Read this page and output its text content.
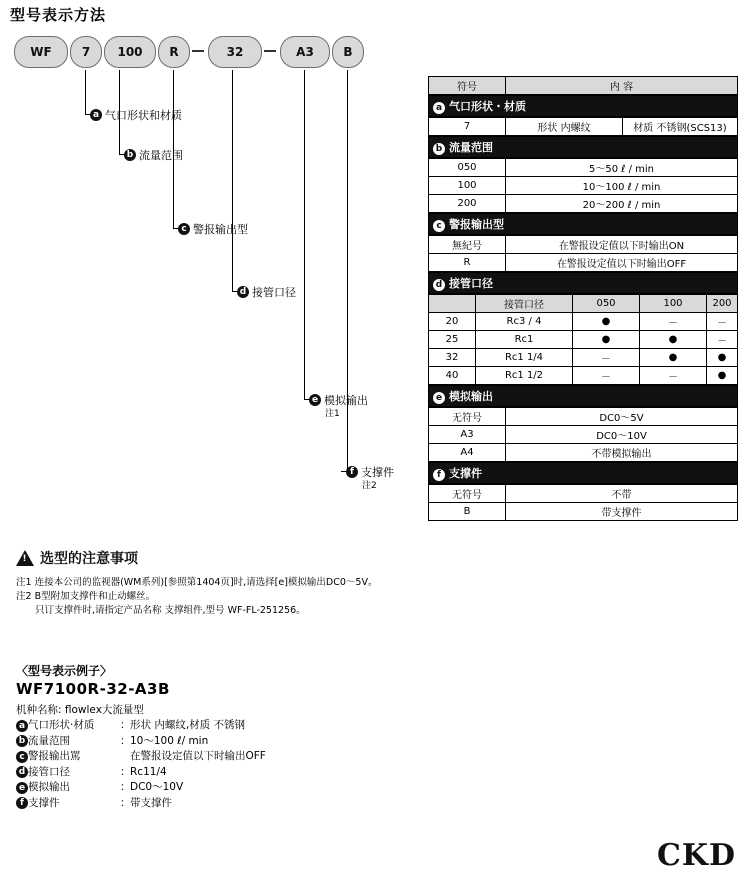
型号表示方法
WF	7	100	R	32	A3	B
a 气口形状和材质
b 流量范围
c 警报输出型
d 接管口径
e 模拟输出
注1
f 支撑件
注2
符号	内 容
a 气口形状・材质
7	形状 内螺纹	材质 不锈钢(SCS13)
b 流量范围
050	5～50 ℓ / min
100	10～100 ℓ / min
200	20～200 ℓ / min
c 警报输出型
無紀号	在警报设定值以下时输出ON
R	在警报设定值以下时输出OFF
d 接管口径
	接管口径	050	100	200
20	Rc3 / 4	●	－	－
25	Rc1	●	●	－
32	Rc1 1/4	－	●	●
40	Rc1 1/2	－	－	●
e 模拟输出
无符号	DC0～5V
A3	DC0～10V
A4	不带模拟输出
f 支撑件
无符号	不带
B	带支撑件
!
选型的注意事项
注1 连接本公司的监视器(WM系列)[参照第1404页]时,请选择[e]模拟输出DC0～5V。
注2 B型附加支撑件和止动螺丝。
　　只订支撑件时,请指定产品名称 支撑组件,型号 WF-FL-251256。
〈型号表示例子〉
WF7100R-32-A3B
机种名称: flowlex大流量型
a 气口形状·材质	： 形状 内螺纹,材质 不锈钢
b 流量范围	： 10～100 ℓ/ min
c 警报输出駡	在警报设定值以下时输出OFF
d 接管口径	： Rc11/4
e 模拟输出	： DC0～10V
f 支撑件	： 带支撑件
CKD
